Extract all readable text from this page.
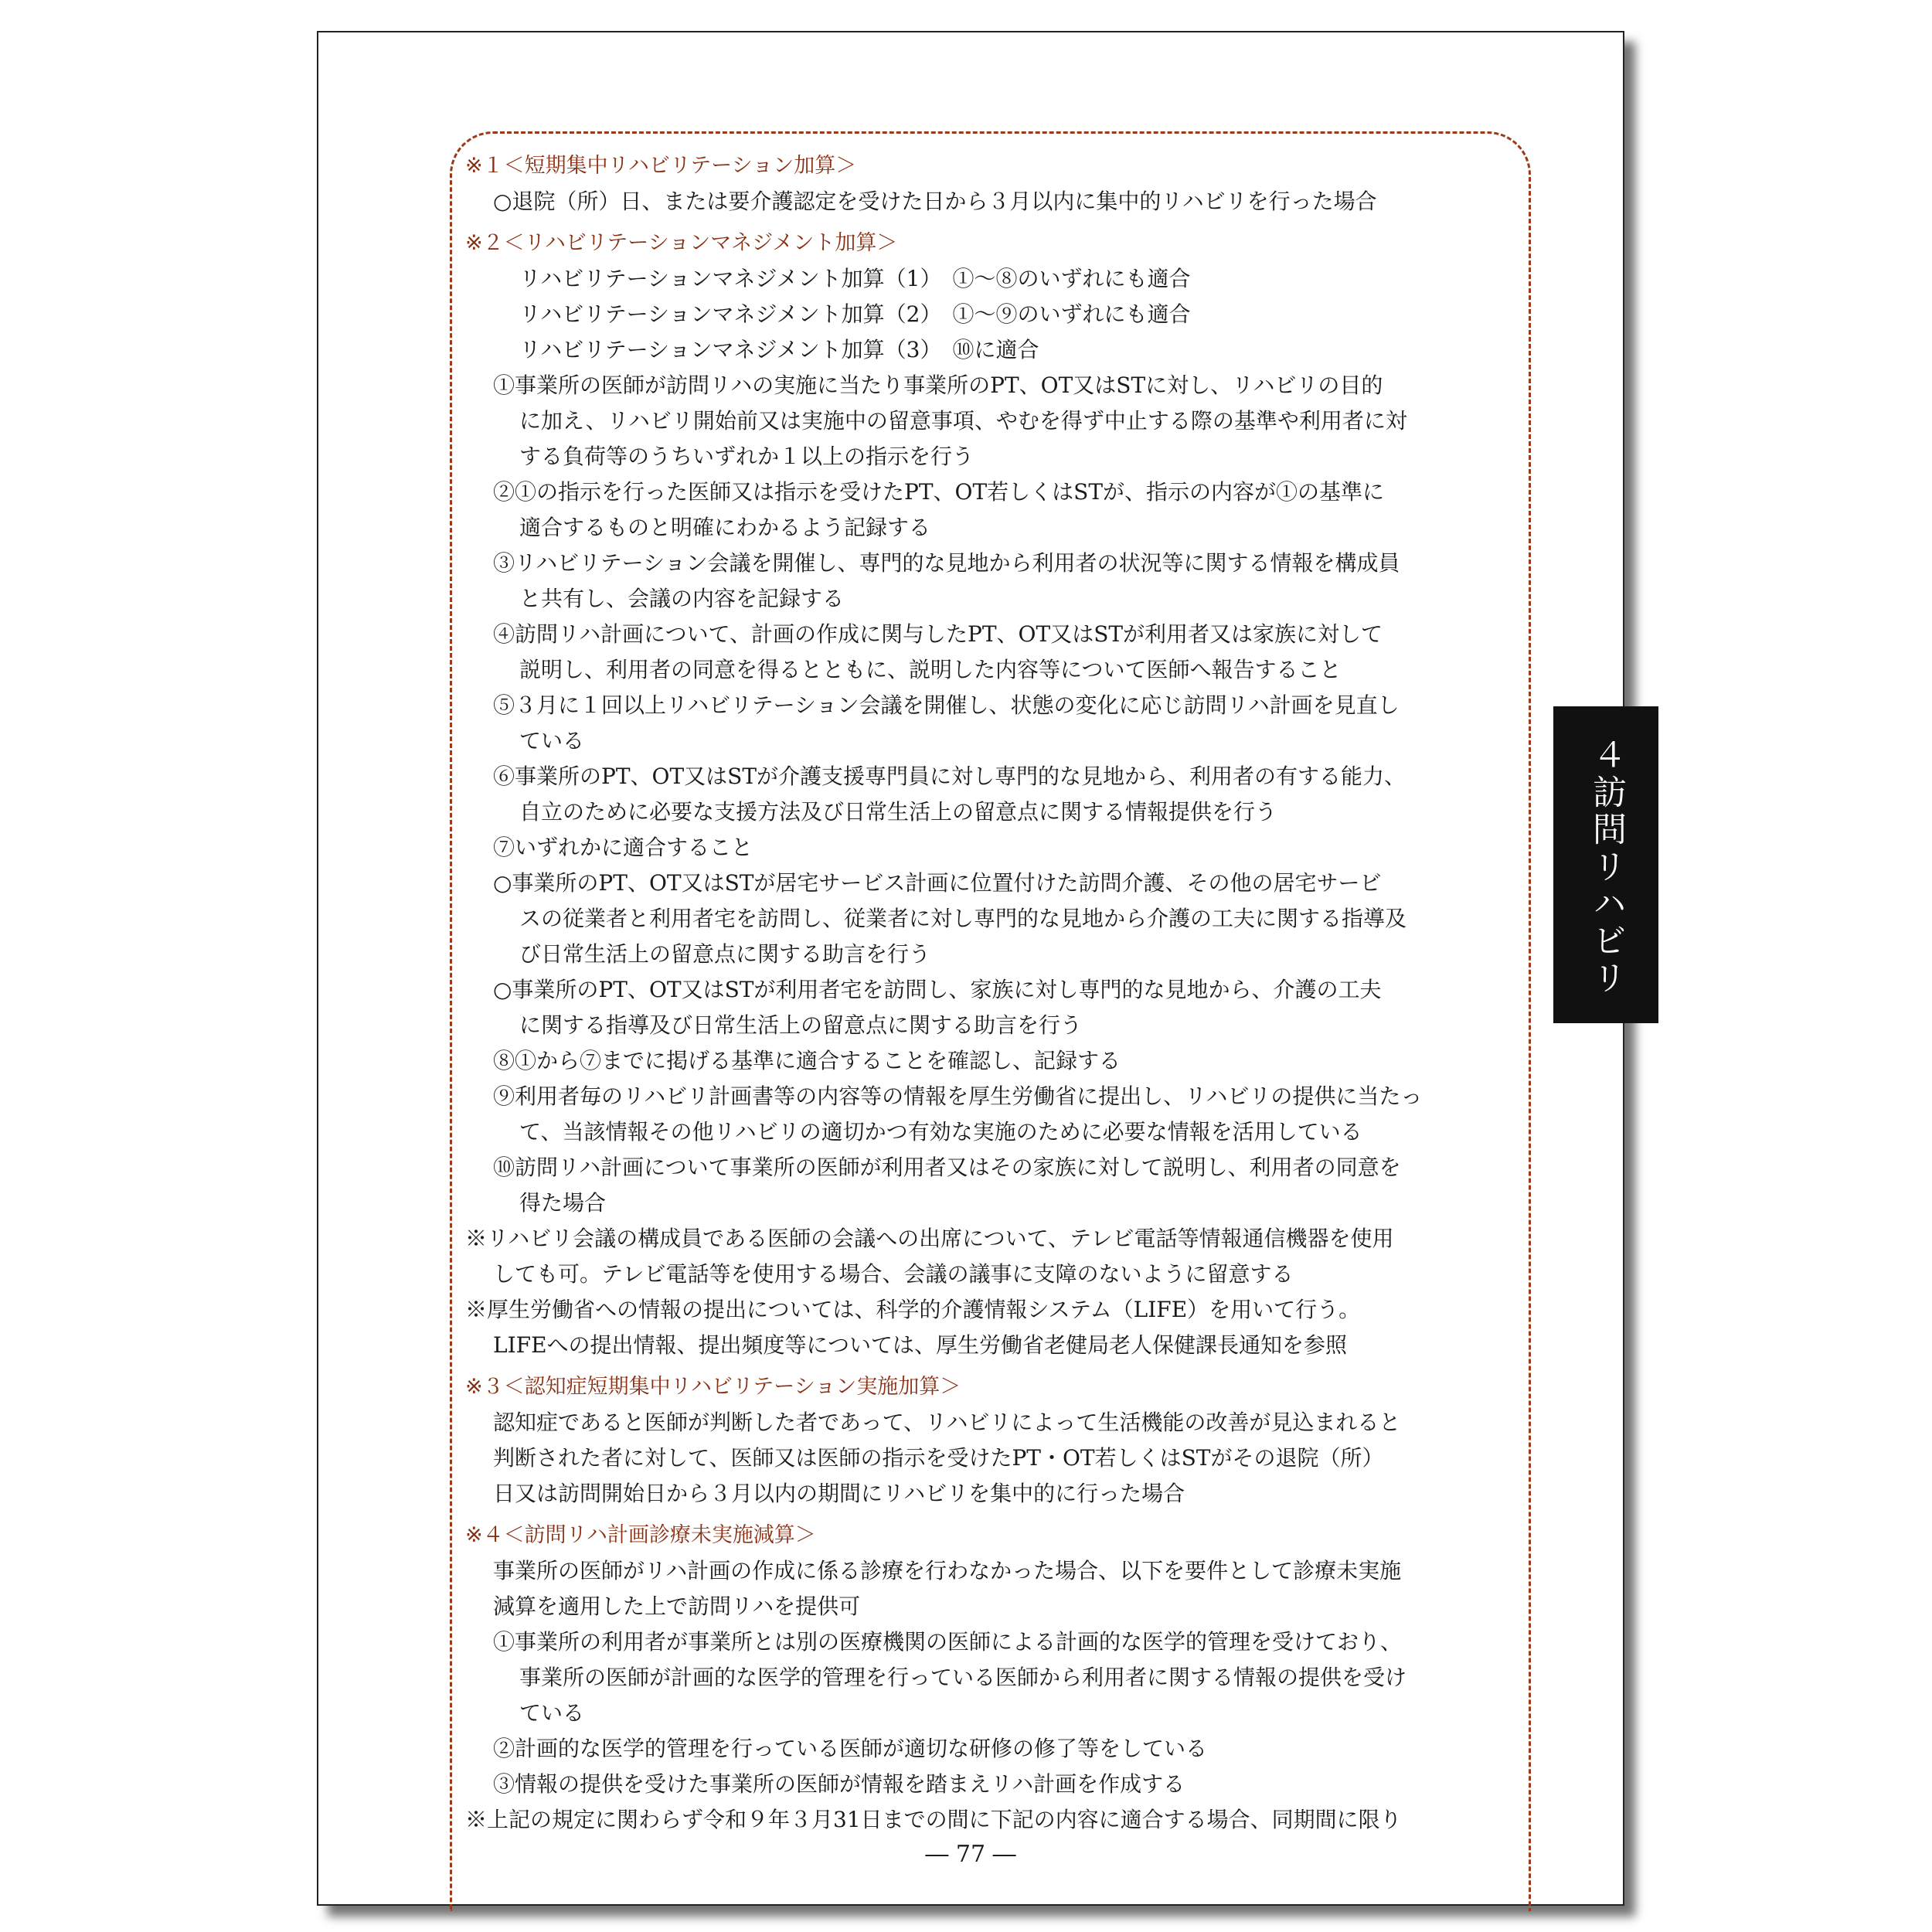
※１＜短期集中リハビリテーション加算＞
○退院（所）日、または要介護認定を受けた日から３月以内に集中的リハビリを行った場合
※２＜リハビリテーションマネジメント加算＞
リハビリテーションマネジメント加算（1）　①～⑧のいずれにも適合
リハビリテーションマネジメント加算（2）　①～⑨のいずれにも適合
リハビリテーションマネジメント加算（3）　⑩に適合
①事業所の医師が訪問リハの実施に当たり事業所のPT、OT又はSTに対し、リハビリの目的
に加え、リハビリ開始前又は実施中の留意事項、やむを得ず中止する際の基準や利用者に対
する負荷等のうちいずれか１以上の指示を行う
②①の指示を行った医師又は指示を受けたPT、OT若しくはSTが、指示の内容が①の基準に
適合するものと明確にわかるよう記録する
③リハビリテーション会議を開催し、専門的な見地から利用者の状況等に関する情報を構成員
と共有し、会議の内容を記録する
④訪問リハ計画について、計画の作成に関与したPT、OT又はSTが利用者又は家族に対して
説明し、利用者の同意を得るとともに、説明した内容等について医師へ報告すること
⑤３月に１回以上リハビリテーション会議を開催し、状態の変化に応じ訪問リハ計画を見直し
ている
⑥事業所のPT、OT又はSTが介護支援専門員に対し専門的な見地から、利用者の有する能力、
自立のために必要な支援方法及び日常生活上の留意点に関する情報提供を行う
⑦いずれかに適合すること
○事業所のPT、OT又はSTが居宅サービス計画に位置付けた訪問介護、その他の居宅サービ
スの従業者と利用者宅を訪問し、従業者に対し専門的な見地から介護の工夫に関する指導及
び日常生活上の留意点に関する助言を行う
○事業所のPT、OT又はSTが利用者宅を訪問し、家族に対し専門的な見地から、介護の工夫
に関する指導及び日常生活上の留意点に関する助言を行う
⑧①から⑦までに掲げる基準に適合することを確認し、記録する
⑨利用者毎のリハビリ計画書等の内容等の情報を厚生労働省に提出し、リハビリの提供に当たっ
て、当該情報その他リハビリの適切かつ有効な実施のために必要な情報を活用している
⑩訪問リハ計画について事業所の医師が利用者又はその家族に対して説明し、利用者の同意を
得た場合
※リハビリ会議の構成員である医師の会議への出席について、テレビ電話等情報通信機器を使用
しても可。テレビ電話等を使用する場合、会議の議事に支障のないように留意する
※厚生労働省への情報の提出については、科学的介護情報システム（LIFE）を用いて行う。
LIFEへの提出情報、提出頻度等については、厚生労働省老健局老人保健課長通知を参照
※３＜認知症短期集中リハビリテーション実施加算＞
認知症であると医師が判断した者であって、リハビリによって生活機能の改善が見込まれると
判断された者に対して、医師又は医師の指示を受けたPT・OT若しくはSTがその退院（所）
日又は訪問開始日から３月以内の期間にリハビリを集中的に行った場合
※４＜訪問リハ計画診療未実施減算＞
事業所の医師がリハ計画の作成に係る診療を行わなかった場合、以下を要件として診療未実施
減算を適用した上で訪問リハを提供可
①事業所の利用者が事業所とは別の医療機関の医師による計画的な医学的管理を受けており、
事業所の医師が計画的な医学的管理を行っている医師から利用者に関する情報の提供を受け
ている
②計画的な医学的管理を行っている医師が適切な研修の修了等をしている
③情報の提供を受けた事業所の医師が情報を踏まえリハ計画を作成する
※上記の規定に関わらず令和９年３月31日までの間に下記の内容に適合する場合、同期間に限り
４訪問リハビリ
― 77 ―
